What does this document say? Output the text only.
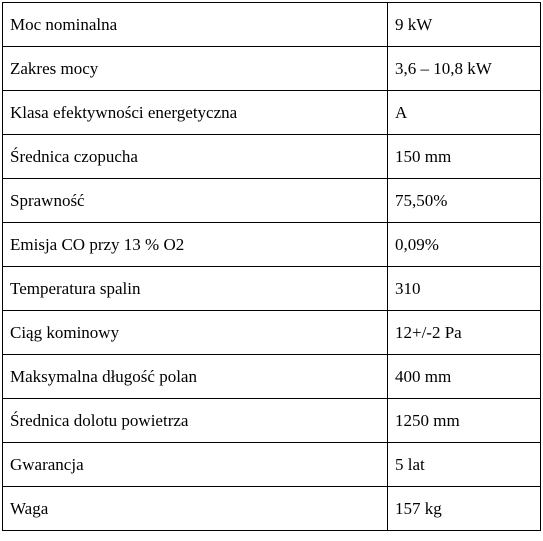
Moc nominalna	9 kW
Zakres mocy	3,6 – 10,8 kW
Klasa efektywności energetyczna	A
Średnica czopucha	150 mm
Sprawność	75,50%
Emisja CO przy 13 % O2	0,09%
Temperatura spalin	310
Ciąg kominowy	12+/-2 Pa
Maksymalna długość polan	400 mm
Średnica dolotu powietrza	1250 mm
Gwarancja	5 lat
Waga	157 kg
